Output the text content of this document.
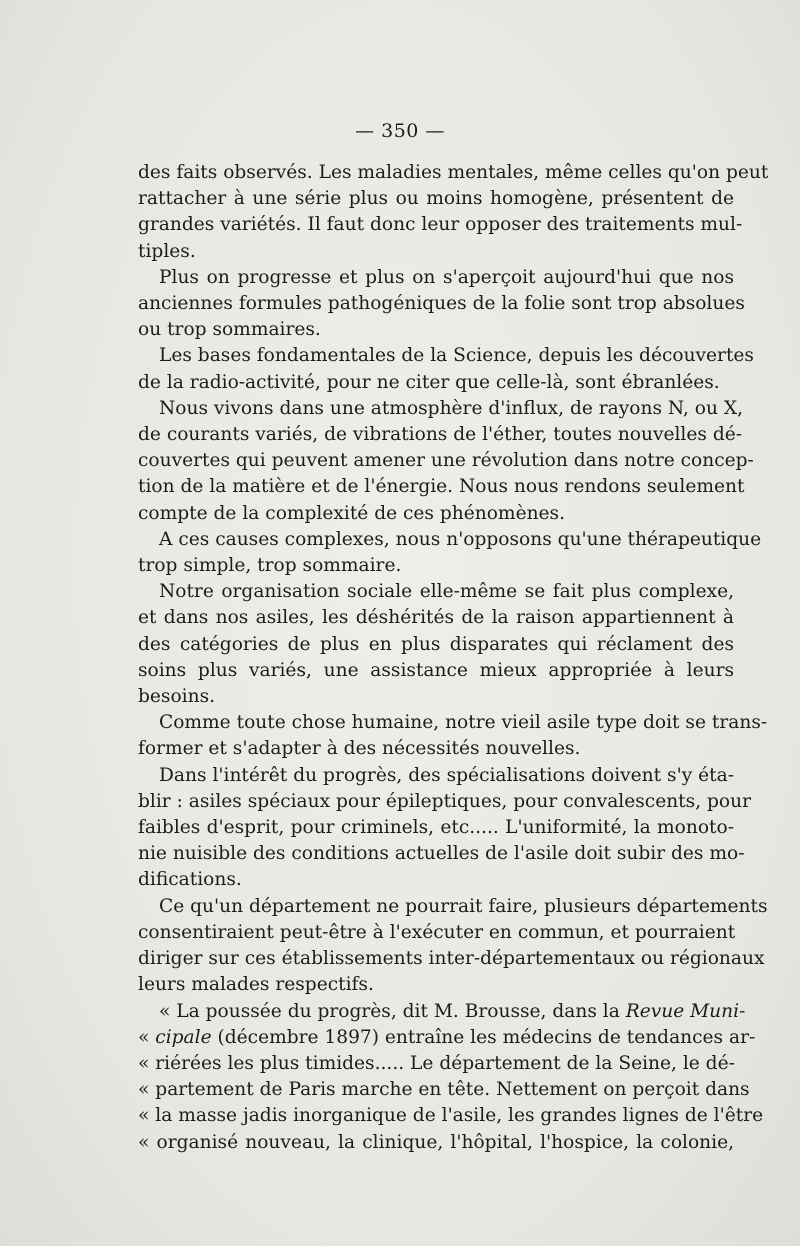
— 350 —
des faits observés. Les maladies mentales, même celles qu'on peut
rattacher à une série plus ou moins homogène, présentent de
grandes variétés. Il faut donc leur opposer des traitements mul-
tiples.
Plus on progresse et plus on s'aperçoit aujourd'hui que nos
anciennes formules pathogéniques de la folie sont trop absolues
ou trop sommaires.
Les bases fondamentales de la Science, depuis les découvertes
de la radio-activité, pour ne citer que celle-là, sont ébranlées.
Nous vivons dans une atmosphère d'influx, de rayons N, ou X,
de courants variés, de vibrations de l'éther, toutes nouvelles dé-
couvertes qui peuvent amener une révolution dans notre concep-
tion de la matière et de l'énergie. Nous nous rendons seulement
compte de la complexité de ces phénomènes.
A ces causes complexes, nous n'opposons qu'une thérapeutique
trop simple, trop sommaire.
Notre organisation sociale elle-même se fait plus complexe,
et dans nos asiles, les déshérités de la raison appartiennent à
des catégories de plus en plus disparates qui réclament des
soins plus variés, une assistance mieux appropriée à leurs
besoins.
Comme toute chose humaine, notre vieil asile type doit se trans-
former et s'adapter à des nécessités nouvelles.
Dans l'intérêt du progrès, des spécialisations doivent s'y éta-
blir : asiles spéciaux pour épileptiques, pour convalescents, pour
faibles d'esprit, pour criminels, etc..... L'uniformité, la monoto-
nie nuisible des conditions actuelles de l'asile doit subir des mo-
difications.
Ce qu'un département ne pourrait faire, plusieurs départements
consentiraient peut-être à l'exécuter en commun, et pourraient
diriger sur ces établissements inter-départementaux ou régionaux
leurs malades respectifs.
« La poussée du progrès, dit M. Brousse, dans la Revue Muni-
« cipale (décembre 1897) entraîne les médecins de tendances ar-
« riérées les plus timides..... Le département de la Seine, le dé-
« partement de Paris marche en tête. Nettement on perçoit dans
« la masse jadis inorganique de l'asile, les grandes lignes de l'être
« organisé nouveau, la clinique, l'hôpital, l'hospice, la colonie,
